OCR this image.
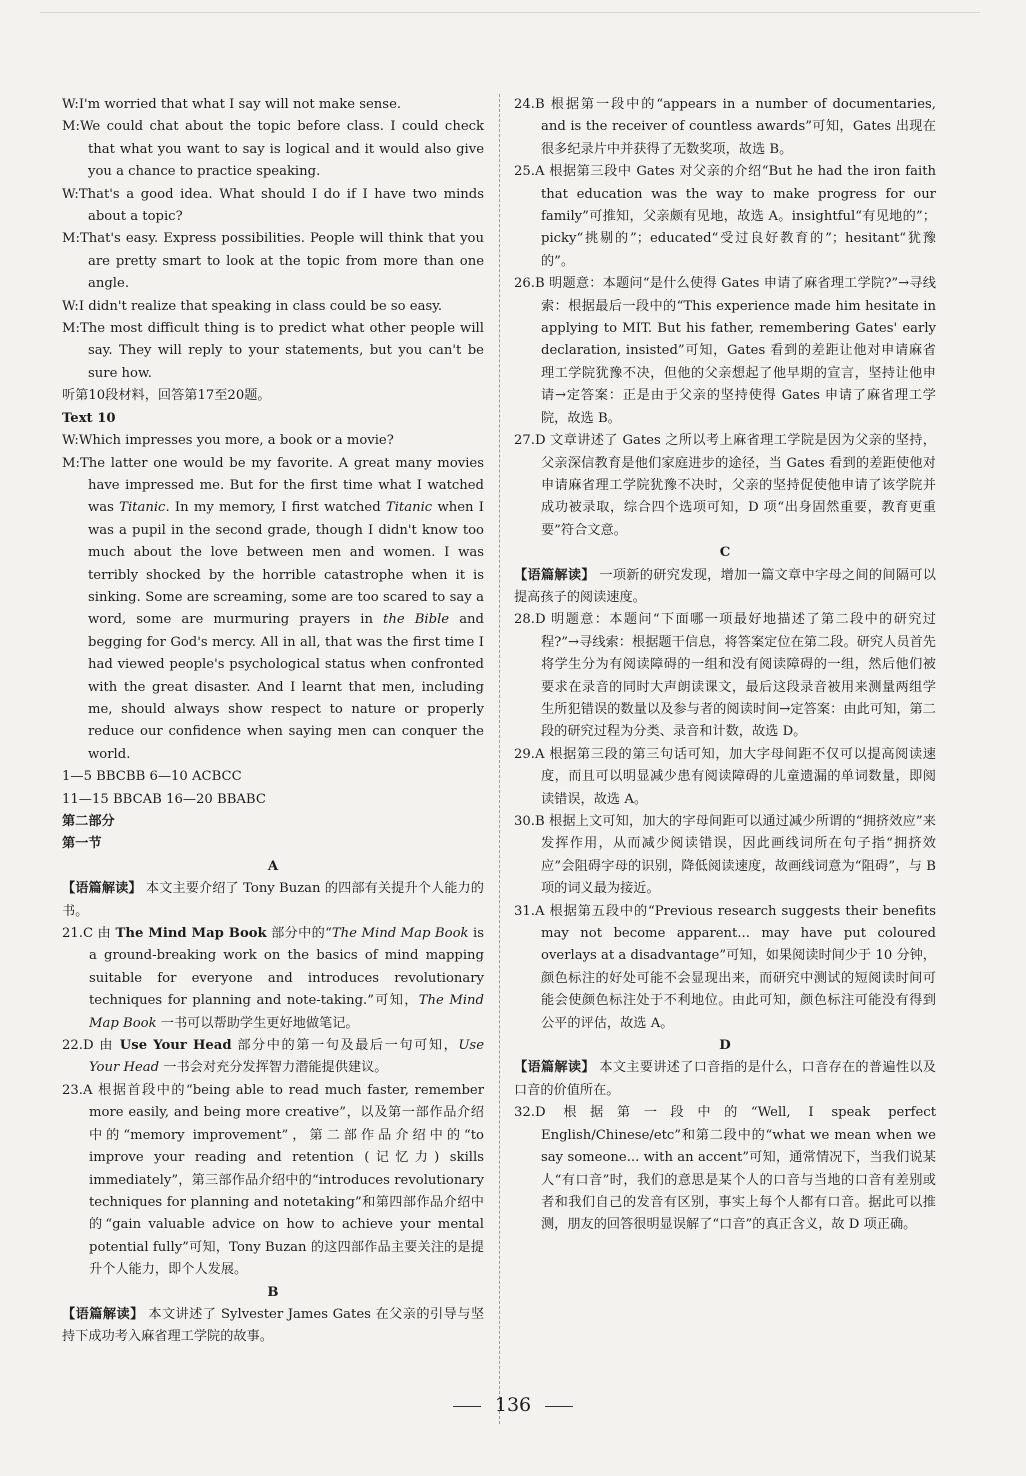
W:I'm worried that what I say will not make sense.

M:We could chat about the topic before class. I could check that what you want to say is logical and it would also give you a chance to practice speaking.

W:That's a good idea. What should I do if I have two minds about a topic?

M:That's easy. Express possibilities. People will think that you are pretty smart to look at the topic from more than one angle.

W:I didn't realize that speaking in class could be so easy.

M:The most difficult thing is to predict what other people will say. They will reply to your statements, but you can't be sure how.

听第10段材料，回答第17至20题。

Text 10

W:Which impresses you more, a book or a movie?

M:The latter one would be my favorite. A great many movies have impressed me. But for the first time what I watched was Titanic. In my memory, I first watched Titanic when I was a pupil in the second grade, though I didn't know too much about the love between men and women. I was terribly shocked by the horrible catastrophe when it is sinking. Some are screaming, some are too scared to say a word, some are murmuring prayers in the Bible and begging for God's mercy. All in all, that was the first time I had viewed people's psychological status when confronted with the great disaster. And I learnt that men, including me, should always show respect to nature or properly reduce our confidence when saying men can conquer the world.

1—5 BBCBB 6—10 ACBCC

11—15 BBCAB 16—20 BBABC

第二部分

第一节

A

【语篇解读】 本文主要介绍了 Tony Buzan 的四部有关提升个人能力的书。

21.C 由 The Mind Map Book 部分中的“The Mind Map Book is a ground-breaking work on the basics of mind mapping suitable for everyone and introduces revolutionary techniques for planning and note-taking.”可知，The Mind Map Book 一书可以帮助学生更好地做笔记。

22.D 由 Use Your Head 部分中的第一句及最后一句可知，Use Your Head 一书会对充分发挥智力潜能提供建议。

23.A 根据首段中的“being able to read much faster, remember more easily, and being more creative”，以及第一部作品介绍中的“memory improvement”，第二部作品介绍中的“to improve your reading and retention (记忆力) skills immediately”，第三部作品介绍中的“introduces revolutionary techniques for planning and notetaking”和第四部作品介绍中的“gain valuable advice on how to achieve your mental potential fully”可知，Tony Buzan 的这四部作品主要关注的是提升个人能力，即个人发展。

B

【语篇解读】 本文讲述了 Sylvester James Gates 在父亲的引导与坚持下成功考入麻省理工学院的故事。

24.B 根据第一段中的“appears in a number of documentaries, and is the receiver of countless awards”可知，Gates 出现在很多纪录片中并获得了无数奖项，故选 B。

25.A 根据第三段中 Gates 对父亲的介绍“But he had the iron faith that education was the way to make progress for our family”可推知，父亲颇有见地，故选 A。insightful“有见地的”；picky“挑剔的”；educated“受过良好教育的”；hesitant“犹豫的”。

26.B 明题意：本题问“是什么使得 Gates 申请了麻省理工学院?”→寻线索：根据最后一段中的“This experience made him hesitate in applying to MIT. But his father, remembering Gates' early declaration, insisted”可知，Gates 看到的差距让他对申请麻省理工学院犹豫不决，但他的父亲想起了他早期的宣言，坚持让他申请→定答案：正是由于父亲的坚持使得 Gates 申请了麻省理工学院，故选 B。

27.D 文章讲述了 Gates 之所以考上麻省理工学院是因为父亲的坚持，父亲深信教育是他们家庭进步的途径，当 Gates 看到的差距使他对申请麻省理工学院犹豫不决时，父亲的坚持促使他申请了该学院并成功被录取，综合四个选项可知，D 项“出身固然重要，教育更重要”符合文意。

C

【语篇解读】 一项新的研究发现，增加一篇文章中字母之间的间隔可以提高孩子的阅读速度。

28.D 明题意：本题问“下面哪一项最好地描述了第二段中的研究过程?”→寻线索：根据题干信息，将答案定位在第二段。研究人员首先将学生分为有阅读障碍的一组和没有阅读障碍的一组，然后他们被要求在录音的同时大声朗读课文，最后这段录音被用来测量两组学生所犯错误的数量以及参与者的阅读时间→定答案：由此可知，第二段的研究过程为分类、录音和计数，故选 D。

29.A 根据第三段的第三句话可知，加大字母间距不仅可以提高阅读速度，而且可以明显减少患有阅读障碍的儿童遗漏的单词数量，即阅读错误，故选 A。

30.B 根据上文可知，加大的字母间距可以通过减少所谓的“拥挤效应”来发挥作用，从而减少阅读错误，因此画线词所在句子指“拥挤效应”会阻碍字母的识别，降低阅读速度，故画线词意为“阻碍”，与 B 项的词义最为接近。

31.A 根据第五段中的“Previous research suggests their benefits may not become apparent... may have put coloured overlays at a disadvantage”可知，如果阅读时间少于 10 分钟，颜色标注的好处可能不会显现出来，而研究中测试的短阅读时间可能会使颜色标注处于不利地位。由此可知，颜色标注可能没有得到公平的评估，故选 A。

D

【语篇解读】 本文主要讲述了口音指的是什么，口音存在的普遍性以及口音的价值所在。

32.D 根据第一段中的“Well, I speak perfect English/Chinese/etc”和第二段中的“what we mean when we say someone... with an accent”可知，通常情况下，当我们说某人“有口音”时，我们的意思是某个人的口音与当地的口音有差别或者和我们自己的发音有区别，事实上每个人都有口音。据此可以推测，朋友的回答很明显误解了“口音”的真正含义，故 D 项正确。

136
